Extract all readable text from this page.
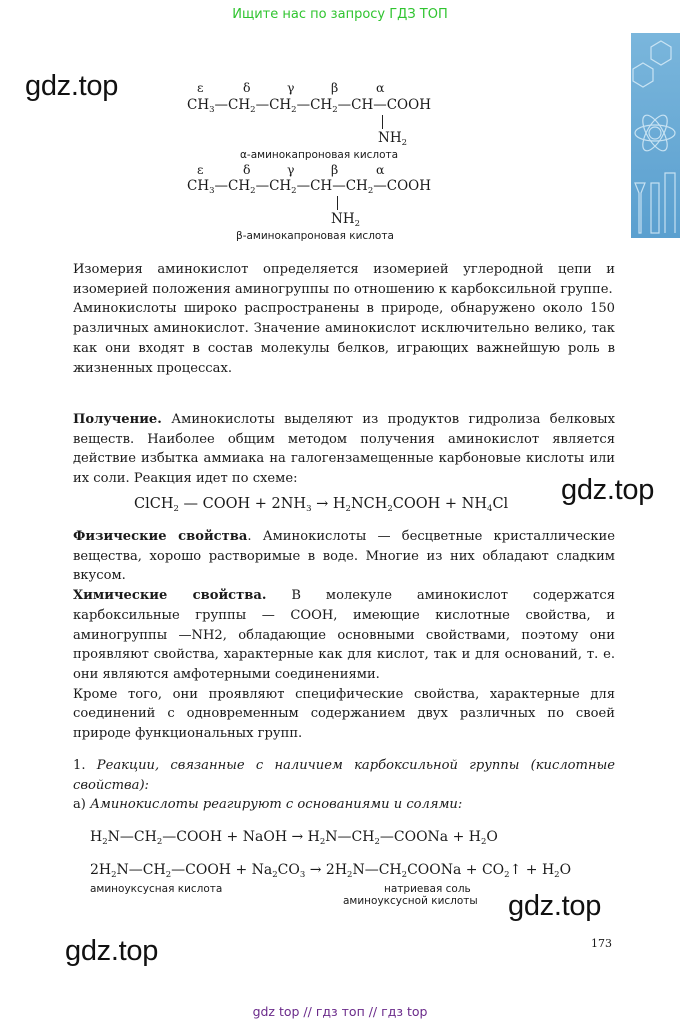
Ищите нас по запросу ГДЗ ТОП
gdz.top
gdz.top
gdz.top
gdz.top
ε	δ	γ	β	α
$CH_3—CH_2—CH_2—CH_2—CH—COOH$
$NH_2$
α-аминокапроновая кислота
ε	δ	γ	β	α
$CH_3—CH_2—CH_2—CH—CH_2—COOH$
$NH_2$
β-аминокапроновая кислота

Изомерия аминокислот определяется изомерией углеродной цепи и изомерией положения аминогруппы по отношению к карбоксильной группе.

Аминокислоты широко распространены в природе, обнаружено около 150 различных аминокислот. Значение аминокислот исключительно велико, так как они входят в состав молекулы белков, играющих важнейшую роль в жизненных процессах.

Получение. Аминокислоты выделяют из продуктов гидролиза белковых веществ. Наиболее общим методом получения аминокислот является действие избытка аммиака на галогензамещенные карбоновые кислоты или их соли. Реакция идет по схеме:

ClCH$_2$ — COOH + $2NH_3$ → $H_2NCH_2COOH + NH_4Cl$

Физические свойства. Аминокислоты — бесцветные кристаллические вещества, хорошо растворимые в воде. Многие из них обладают сладким вкусом.

Химические свойства. В молекуле аминокислот содержатся карбоксильные группы — COOH, имеющие кислотные свойства, и аминогруппы —NH2, обладающие основными свойствами, поэтому они проявляют свойства, характерные как для кислот, так и для оснований, т. е. они являются амфотерными соединениями.

Кроме того, они проявляют специфические свойства, характерные для соединений с одновременным содержанием двух различных по своей природе функциональных групп.

1. Реакции, связанные с наличием карбоксильной группы (кислотные свойства):

а) Аминокислоты реагируют с основаниями и солями:

$H_2N—CH_2—COOH$ + NaOH → $H_2N—CH_2—COONa + H_2O$
$2H_2N—CH_2—COOH + Na_2CO_3$ → $2H_2N—CH_2COONa$ + $CO_2↑ + H_2O$
аминоуксусная кислота	натриевая соль
аминоуксусной кислоты
173
gdz top // гдз топ // гдз top
